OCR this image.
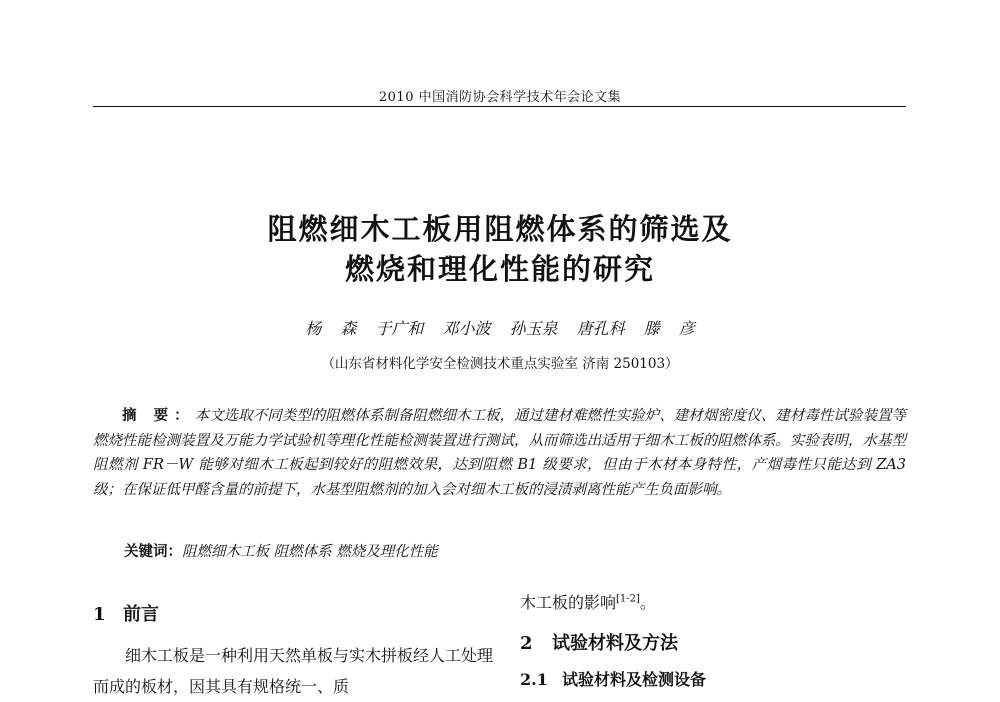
2010 中国消防协会科学技术年会论文集
阻燃细木工板用阻燃体系的筛选及
燃烧和理化性能的研究
杨 森 于广和 邓小波 孙玉泉 唐孔科 滕 彦
（山东省材料化学安全检测技术重点实验室 济南 250103）
摘 要：本文选取不同类型的阻燃体系制备阻燃细木工板，通过建材难燃性实验炉、建材烟密度仪、建材毒性试验装置等燃烧性能检测装置及万能力学试验机等理化性能检测装置进行测试，从而筛选出适用于细木工板的阻燃体系。实验表明，水基型阻燃剂 FR－W 能够对细木工板起到较好的阻燃效果，达到阻燃 B1 级要求，但由于木材本身特性，产烟毒性只能达到 ZA3 级；在保证低甲醛含量的前提下，水基型阻燃剂的加入会对细木工板的浸渍剥离性能产生负面影响。
关键词：阻燃细木工板 阻燃体系 燃烧及理化性能
1 前言
细木工板是一种利用天然单板与实木拼板经人工处理而成的板材，因其具有规格统一、质
木工板的影响[1-2]。
2 试验材料及方法
2.1 试验材料及检测设备
